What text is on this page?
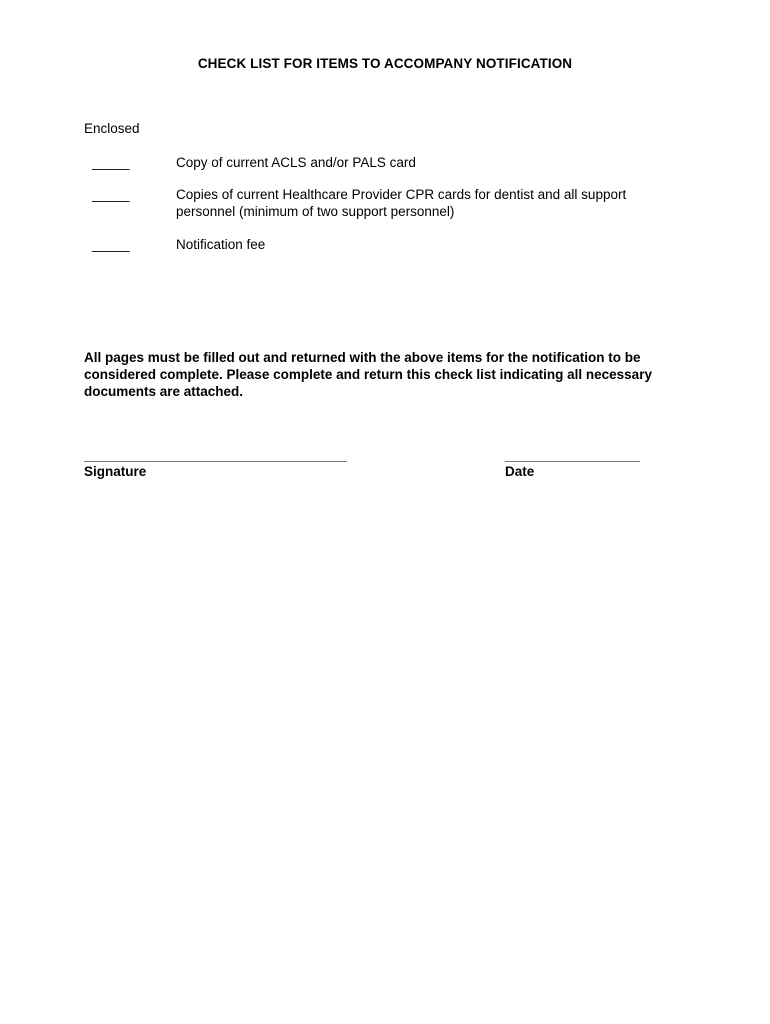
CHECK LIST FOR ITEMS TO ACCOMPANY NOTIFICATION
Enclosed
_____	Copy of current ACLS and/or PALS card
_____	Copies of current Healthcare Provider CPR cards for dentist and all support personnel (minimum of two support personnel)
_____	Notification fee
All pages must be filled out and returned with the above items for the notification to be considered complete. Please complete and return this check list indicating all necessary documents are attached.
___________________________________
Signature
__________________
Date
